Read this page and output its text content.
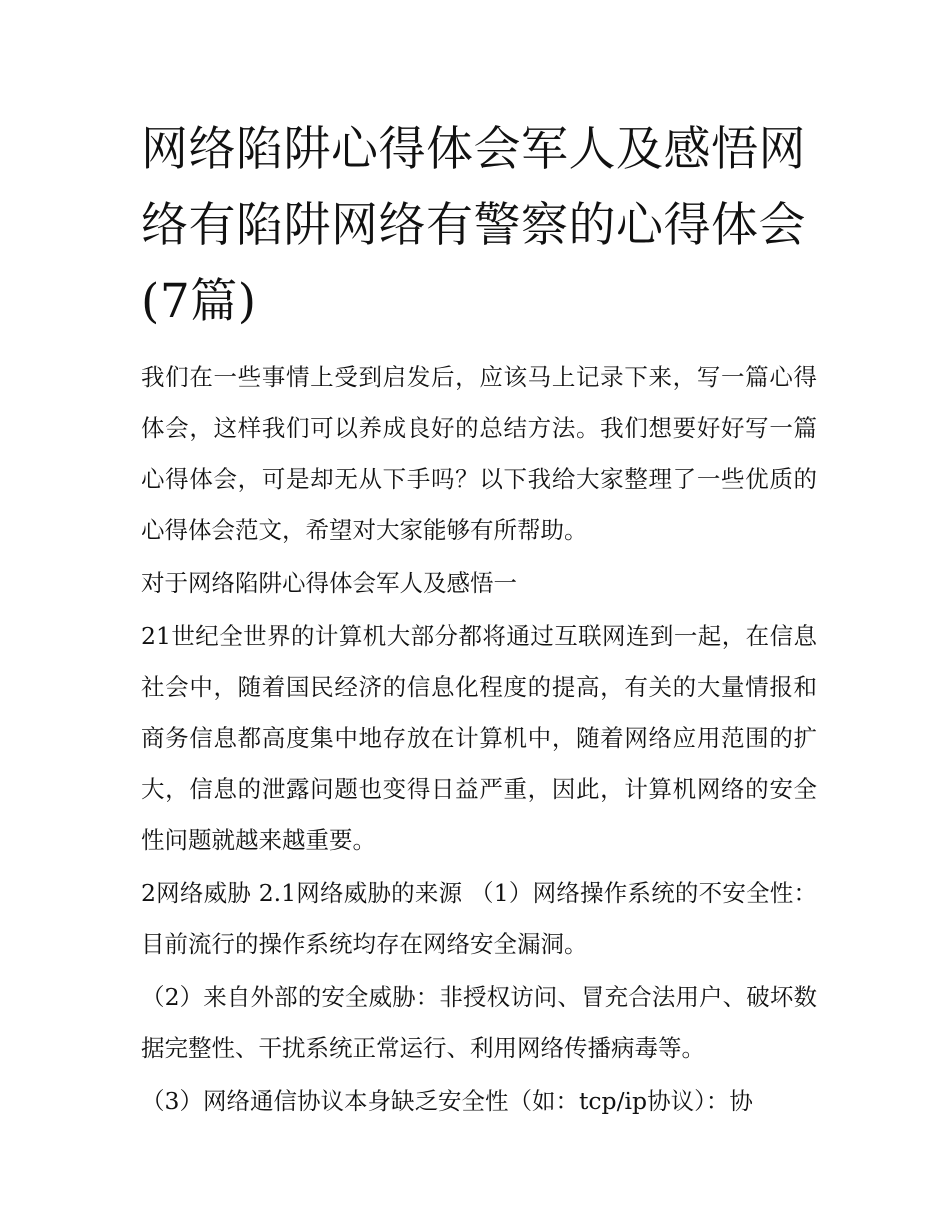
网络陷阱心得体会军人及感悟网络有陷阱网络有警察的心得体会(7篇)

我们在一些事情上受到启发后，应该马上记录下来，写一篇心得体会，这样我们可以养成良好的总结方法。我们想要好好写一篇心得体会，可是却无从下手吗？以下我给大家整理了一些优质的心得体会范文，希望对大家能够有所帮助。

对于网络陷阱心得体会军人及感悟一

21世纪全世界的计算机大部分都将通过互联网连到一起，在信息社会中，随着国民经济的信息化程度的提高，有关的大量情报和商务信息都高度集中地存放在计算机中，随着网络应用范围的扩大，信息的泄露问题也变得日益严重，因此，计算机网络的安全性问题就越来越重要。

2网络威胁 2.1网络威胁的来源 （1）网络操作系统的不安全性：目前流行的操作系统均存在网络安全漏洞。

（2）来自外部的安全威胁：非授权访问、冒充合法用户、破坏数据完整性、干扰系统正常运行、利用网络传播病毒等。

（3）网络通信协议本身缺乏安全性（如：tcp/ip协议）：协
